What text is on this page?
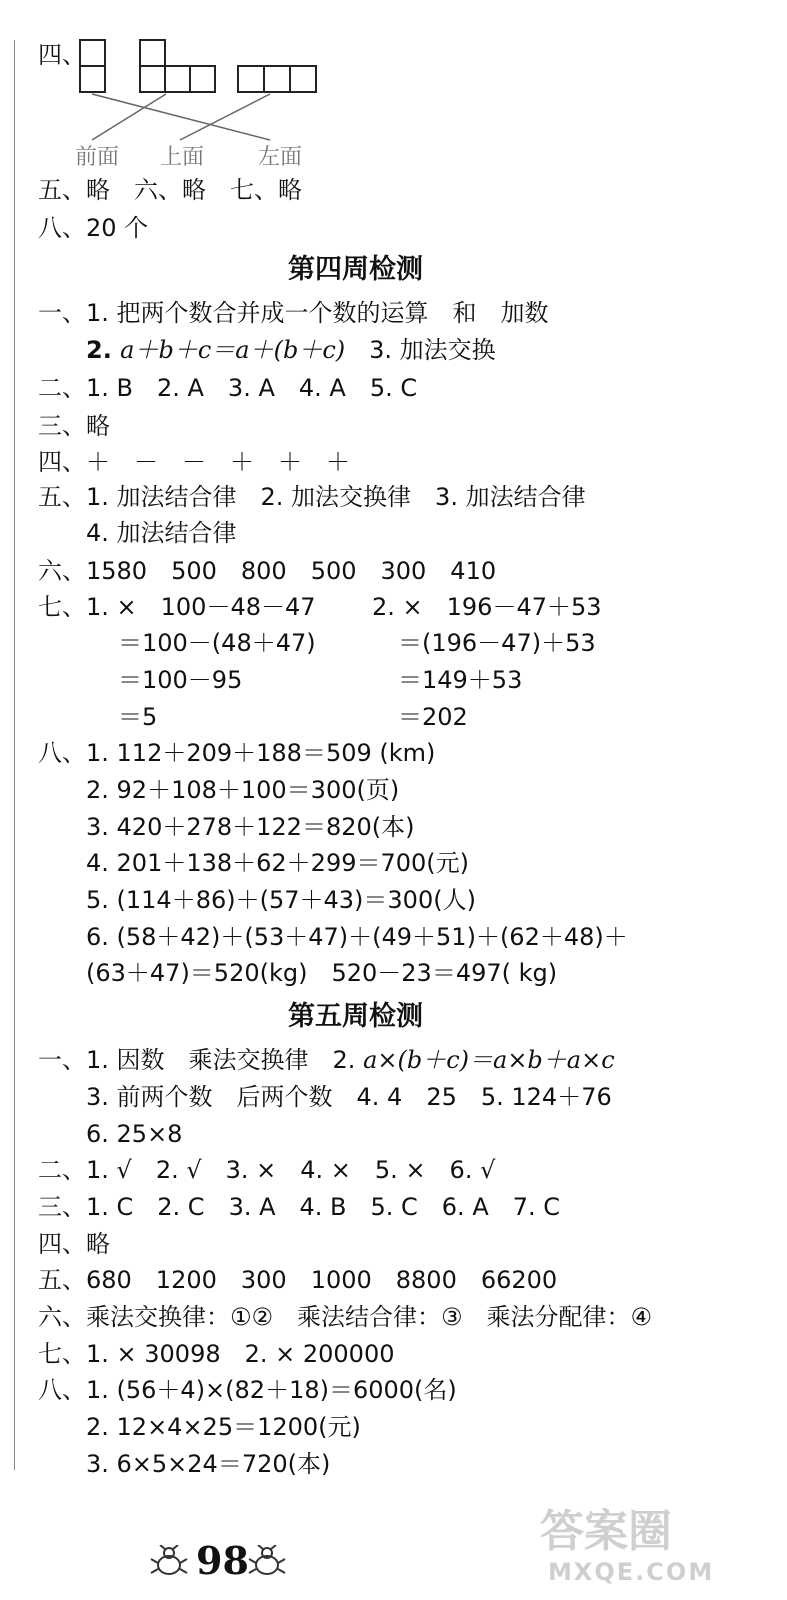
四、
前面 上面 左面
五、略　六、略　七、略
八、20 个
第四周检测
一、1. 把两个数合并成一个数的运算　和　加数
2. a＋b＋c＝a＋(b＋c)　3. 加法交换
二、1. B　2. A　3. A　4. A　5. C
三、略
四、＋　－　－　＋　＋　＋
五、1. 加法结合律　2. 加法交换律　3. 加法结合律
4. 加法结合律
六、1580　500　800　500　300　410
七、1. ×　100－48－47
＝100－(48＋47)
＝100－95
＝5
2. ×　196－47＋53
＝(196－47)＋53
＝149＋53
＝202
八、1. 112＋209＋188＝509 (km)
2. 92＋108＋100＝300(页)
3. 420＋278＋122＝820(本)
4. 201＋138＋62＋299＝700(元)
5. (114＋86)＋(57＋43)＝300(人)
6. (58＋42)＋(53＋47)＋(49＋51)＋(62＋48)＋
(63＋47)＝520(kg)　520－23＝497( kg)
第五周检测
一、1. 因数　乘法交换律　2. a×(b＋c)＝a×b＋a×c
3. 前两个数　后两个数　4. 4　25　5. 124＋76
6. 25×8
二、1. √　2. √　3. ×　4. ×　5. ×　6. √
三、1. C　2. C　3. A　4. B　5. C　6. A　7. C
四、略
五、680　1200　300　1000　8800　66200
六、乘法交换律：①②　乘法结合律：③　乘法分配律：④
七、1. × 30098　2. × 200000
八、1. (56＋4)×(82＋18)＝6000(名)
2. 12×4×25＝1200(元)
3. 6×5×24＝720(本)
98
答案圈
MXQE.COM
